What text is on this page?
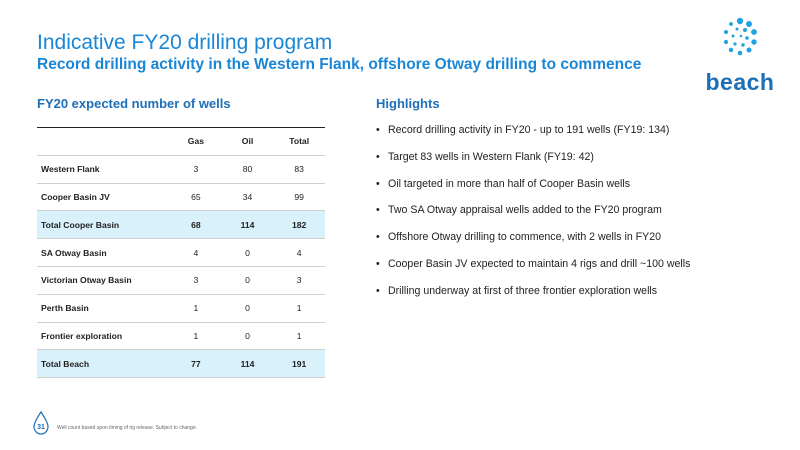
Indicative FY20 drilling program
Record drilling activity in the Western Flank, offshore Otway drilling to commence
beach
FY20 expected number of wells	Highlights
	Gas	Oil	Total
Western Flank	3	80	83
Cooper Basin JV	65	34	99
Total Cooper Basin	68	114	182
SA Otway Basin	4	0	4
Victorian Otway Basin	3	0	3
Perth Basin	1	0	1
Frontier exploration	1	0	1
Total Beach	77	114	191
• Record drilling activity in FY20 - up to 191 wells (FY19: 134)
• Target 83 wells in Western Flank (FY19: 42)
• Oil targeted in more than half of Cooper Basin wells
• Two SA Otway appraisal wells added to the FY20 program
• Offshore Otway drilling to commence, with 2 wells in FY20
• Cooper Basin JV expected to maintain 4 rigs and drill ~100 wells
• Drilling underway at first of three frontier exploration wells
31	Well count based upon timing of rig release. Subject to change.
